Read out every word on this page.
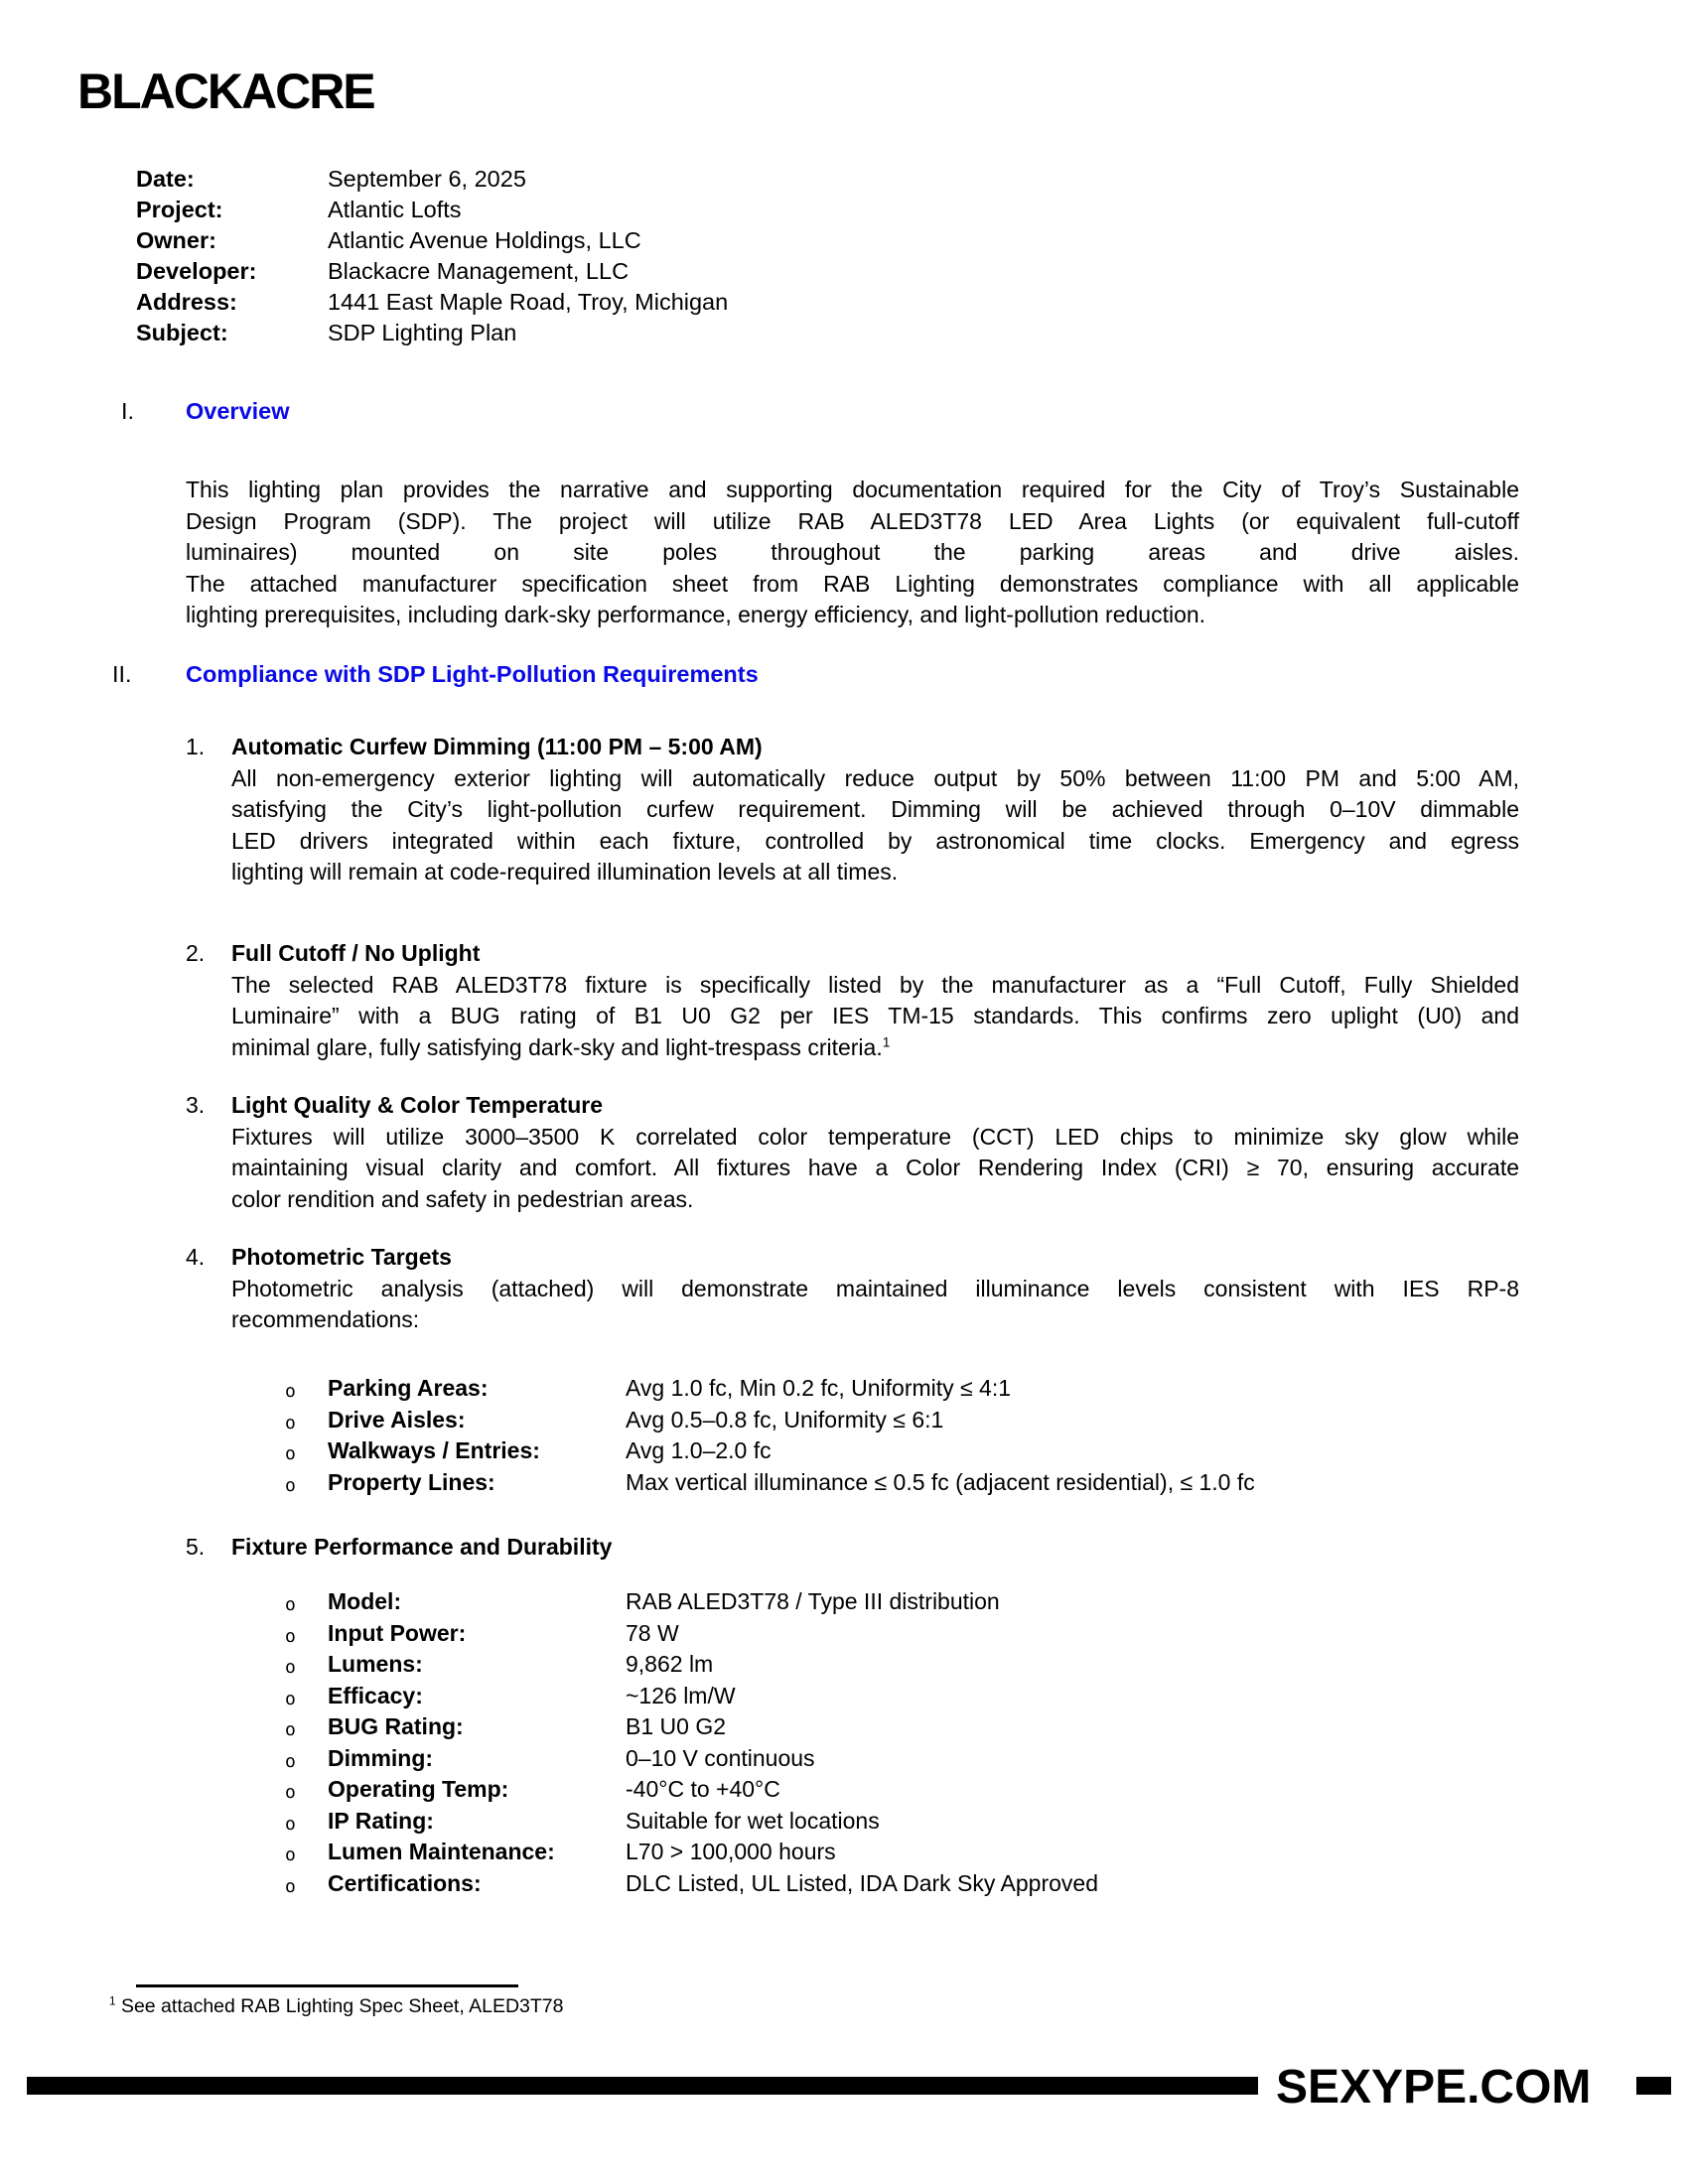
BLACKACRE
Date:	September 6, 2025
Project:	Atlantic Lofts
Owner:	Atlantic Avenue Holdings, LLC
Developer:	Blackacre Management, LLC
Address:	1441 East Maple Road, Troy, Michigan
Subject:	SDP Lighting Plan
I. Overview
This lighting plan provides the narrative and supporting documentation required for the City of Troy’s Sustainable
Design Program (SDP). The project will utilize RAB ALED3T78 LED Area Lights (or equivalent full-cutoff
luminaires) mounted on site poles throughout the parking areas and drive aisles.
The attached manufacturer specification sheet from RAB Lighting demonstrates compliance with all applicable
lighting prerequisites, including dark-sky performance, energy efficiency, and light-pollution reduction.
II. Compliance with SDP Light-Pollution Requirements
1. Automatic Curfew Dimming (11:00 PM – 5:00 AM)
All non-emergency exterior lighting will automatically reduce output by 50% between 11:00 PM and 5:00 AM,
satisfying the City’s light-pollution curfew requirement. Dimming will be achieved through 0–10V dimmable
LED drivers integrated within each fixture, controlled by astronomical time clocks. Emergency and egress
lighting will remain at code-required illumination levels at all times.
2. Full Cutoff / No Uplight
The selected RAB ALED3T78 fixture is specifically listed by the manufacturer as a “Full Cutoff, Fully Shielded
Luminaire” with a BUG rating of B1 U0 G2 per IES TM-15 standards. This confirms zero uplight (U0) and
minimal glare, fully satisfying dark-sky and light-trespass criteria.$^1$
3. Light Quality & Color Temperature
Fixtures will utilize 3000–3500 K correlated color temperature (CCT) LED chips to minimize sky glow while
maintaining visual clarity and comfort. All fixtures have a Color Rendering Index (CRI) ≥ 70, ensuring accurate
color rendition and safety in pedestrian areas.
4. Photometric Targets
Photometric analysis (attached) will demonstrate maintained illuminance levels consistent with IES RP-8
recommendations:
o Parking Areas:	Avg 1.0 fc, Min 0.2 fc, Uniformity ≤ 4:1
o Drive Aisles:	Avg 0.5–0.8 fc, Uniformity ≤ 6:1
o Walkways / Entries:	Avg 1.0–2.0 fc
o Property Lines:	Max vertical illuminance ≤ 0.5 fc (adjacent residential), ≤ 1.0 fc
5. Fixture Performance and Durability
o Model:	RAB ALED3T78 / Type III distribution
o Input Power:	78 W
o Lumens:	9,862 lm
o Efficacy:	~126 lm/W
o BUG Rating:	B1 U0 G2
o Dimming:	0–10 V continuous
o Operating Temp:	-40°C to +40°C
o IP Rating:	Suitable for wet locations
o Lumen Maintenance:	L70 > 100,000 hours
o Certifications:	DLC Listed, UL Listed, IDA Dark Sky Approved
$^1$ See attached RAB Lighting Spec Sheet, ALED3T78
SEXYPE.COM
